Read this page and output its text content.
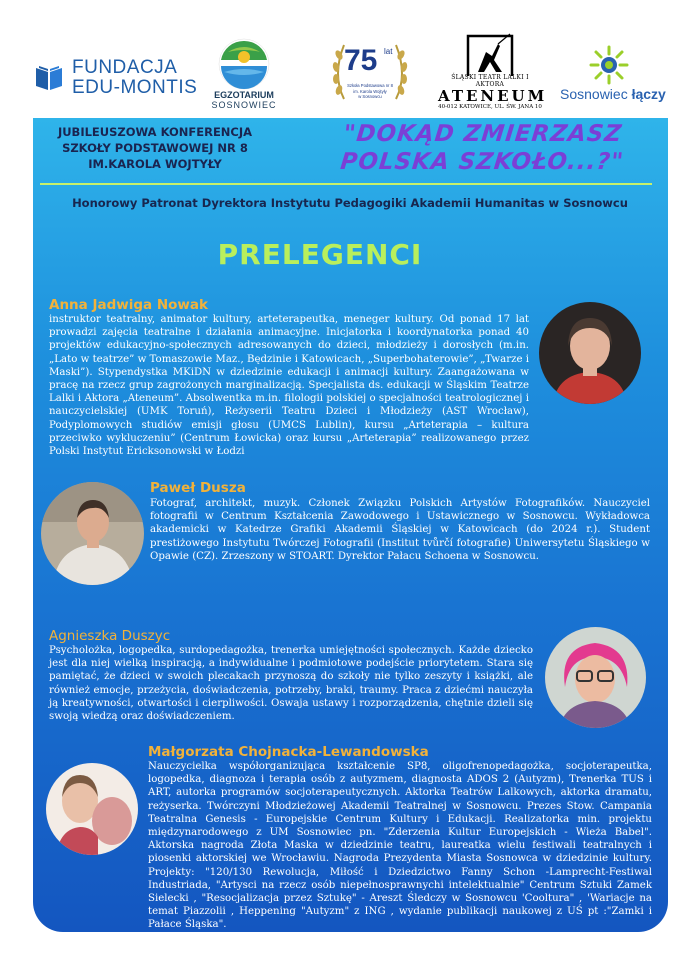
FUNDACJA
EDU-MONTIS	EGZOTARIUM
SOSNOWIEC
75 lat
Szkoła Podstawowa nr 8
im. Karola Wojtyły
w Sosnowcu
ŚLĄSKI TEATR LALKI I AKTORA
ATENEUM
40-012 KATOWICE, UL. ŚW. JANA 10
Sosnowiec łączy
JUBILEUSZOWA KONFERENCJA
SZKOŁY PODSTAWOWEJ NR 8
IM.KAROLA WOJTYŁY
"DOKĄD ZMIERZASZ
POLSKA SZKOŁO...?"
Honorowy Patronat Dyrektora Instytutu Pedagogiki Akademii Humanitas w Sosnowcu
PRELEGENCI
Anna Jadwiga Nowak
instruktor teatralny, animator kultury, arteterapeutka, meneger kultury. Od ponad 17 lat prowadzi zajęcia teatralne i działania animacyjne. Inicjatorka i koordynatorka ponad 40 projektów edukacyjno-społecznych adresowanych do dzieci, młodzieży i dorosłych (m.in. „Lato w teatrze” w Tomaszowie Maz., Będzinie i Katowicach, „Superbohaterowie”, „Twarze i Maski”). Stypendystka MKiDN w dziedzinie edukacji i animacji kultury. Zaangażowana w pracę na rzecz grup zagrożonych marginalizacją. Specjalista ds. edukacji w Śląskim Teatrze Lalki i Aktora „Ateneum”. Absolwentka m.in. filologii polskiej o specjalności teatrologicznej i nauczycielskiej (UMK Toruń), Reżyserii Teatru Dzieci i Młodzieży (AST Wrocław), Podyplomowych studiów emisji głosu (UMCS Lublin), kursu „Arteterapia – kultura przeciwko wykluczeniu” (Centrum Łowicka) oraz kursu „Arteterapia” realizowanego przez Polski Instytut Ericksonowski w Łodzi
Paweł Dusza
Fotograf, architekt, muzyk. Członek Związku Polskich Artystów Fotografików. Nauczyciel fotografii w Centrum Kształcenia Zawodowego i Ustawicznego w Sosnowcu. Wykładowca akademicki w Katedrze Grafiki Akademii Śląskiej w Katowicach (do 2024 r.). Student prestiżowego Instytutu Twórczej Fotografii (Institut tvůrčí fotografie) Uniwersytetu Śląskiego w Opawie (CZ). Zrzeszony w STOART. Dyrektor Pałacu Schoena w Sosnowcu.
Agnieszka Duszyc
Psycholożka, logopedka, surdopedagożka, trenerka umiejętności społecznych. Każde dziecko jest dla niej wielką inspiracją, a indywidualne i podmiotowe podejście priorytetem. Stara się pamiętać, że dzieci w swoich plecakach przynoszą do szkoły nie tylko zeszyty i książki, ale również emocje, przeżycia, doświadczenia, potrzeby, braki, traumy. Praca z dziećmi nauczyła ją kreatywności, otwartości i cierpliwości. Oswaja ustawy i rozporządzenia, chętnie dzieli się swoją wiedzą oraz doświadczeniem.
Małgorzata Chojnacka-Lewandowska
Nauczycielka współorganizująca kształcenie SP8, oligofrenopedagożka, socjoterapeutka, logopedka, diagnoza i terapia osób z autyzmem, diagnosta ADOS 2 (Autyzm), Trenerka TUS i ART, autorka programów socjoterapeutycznych. Aktorka Teatrów Lalkowych, aktorka dramatu, reżyserka. Twórczyni Młodzieżowej Akademii Teatralnej w Sosnowcu. Prezes Stow. Campania Teatralna Genesis - Europejskie Centrum Kultury i Edukacji. Realizatorka min. projektu międzynarodowego z UM Sosnowiec pn. "Zderzenia Kultur Europejskich - Wieża Babel". Aktorska nagroda Złota Maska w dziedzinie teatru, laureatka wielu festiwali teatralnych i piosenki aktorskiej we Wrocławiu. Nagroda Prezydenta Miasta Sosnowca w dziedzinie kultury. Projekty: "120/130 Rewolucja, Miłość i Dziedzictwo Fanny Schon -Lamprecht-Festiwal Industriada, "Artysci na rzecz osób niepełnosprawnychi intelektualnie" Centrum Sztuki Zamek Sielecki , "Resocjalizacja przez Sztukę" - Areszt Śledczy w Sosnowcu 'Cooltura" , 'Wariacje na temat Piazzolii , Heppening "Autyzm" z ING , wydanie publikacji naukowej z UŚ pt :"Zamki i Pałace Śląska".
